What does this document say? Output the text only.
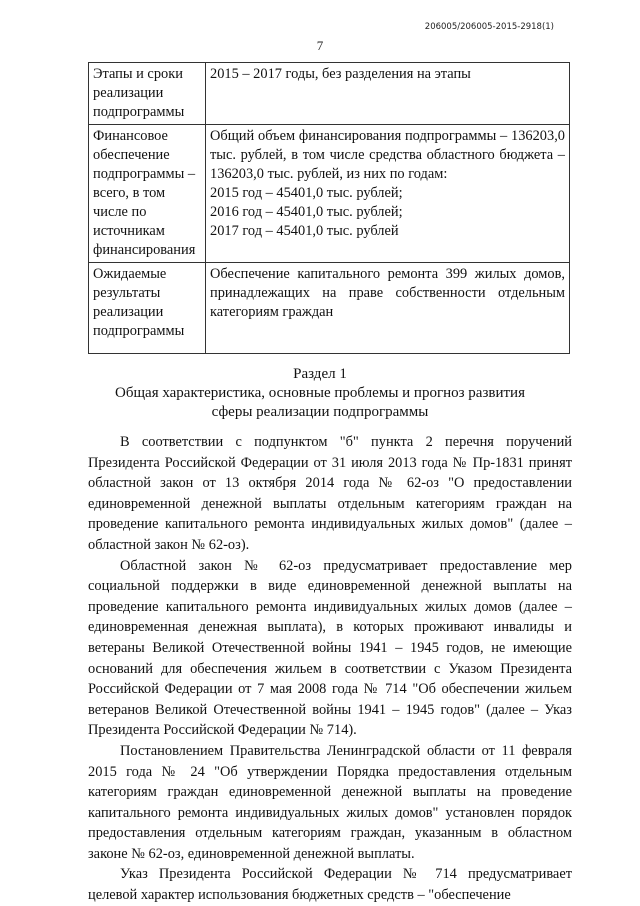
206005/206005-2015-2918(1)
7
Этапы и сроки реализации подпрограммы	2015 – 2017 годы, без разделения на этапы
Финансовое обеспечение подпрограммы – всего, в том числе по источникам финансирования	Общий объем финансирования подпрограммы – 136203,0 тыс. рублей, в том числе средства областного бюджета – 136203,0 тыс. рублей, из них по годам:
2015 год – 45401,0 тыс. рублей;
2016 год – 45401,0 тыс. рублей;
2017 год – 45401,0 тыс. рублей

Ожидаемые результаты реализации подпрограммы	Обеспечение капитального ремонта 399 жилых домов, принадлежащих на праве собственности отдельным категориям граждан
Раздел 1
Общая характеристика, основные проблемы и прогноз развития
сферы реализации подпрограммы

В соответствии с подпунктом "б" пункта 2 перечня поручений Президента Российской Федерации от 31 июля 2013 года № Пр-1831 принят областной закон от 13 октября 2014 года № 62-оз "О предоставлении единовременной денежной выплаты отдельным категориям граждан на проведение капитального ремонта индивидуальных жилых домов" (далее – областной закон № 62-оз).

Областной закон № 62-оз предусматривает предоставление мер социальной поддержки в виде единовременной денежной выплаты на проведение капитального ремонта индивидуальных жилых домов (далее – единовременная денежная выплата), в которых проживают инвалиды и ветераны Великой Отечественной войны 1941 – 1945 годов, не имеющие оснований для обеспечения жильем в соответствии с Указом Президента Российской Федерации от 7 мая 2008 года № 714 "Об обеспечении жильем ветеранов Великой Отечественной войны 1941 – 1945 годов" (далее – Указ Президента Российской Федерации № 714).

Постановлением Правительства Ленинградской области от 11 февраля 2015 года № 24 "Об утверждении Порядка предоставления отдельным категориям граждан единовременной денежной выплаты на проведение капитального ремонта индивидуальных жилых домов" установлен порядок предоставления отдельным категориям граждан, указанным в областном законе № 62-оз, единовременной денежной выплаты.

Указ Президента Российской Федерации № 714 предусматривает целевой характер использования бюджетных средств – "обеспечение
